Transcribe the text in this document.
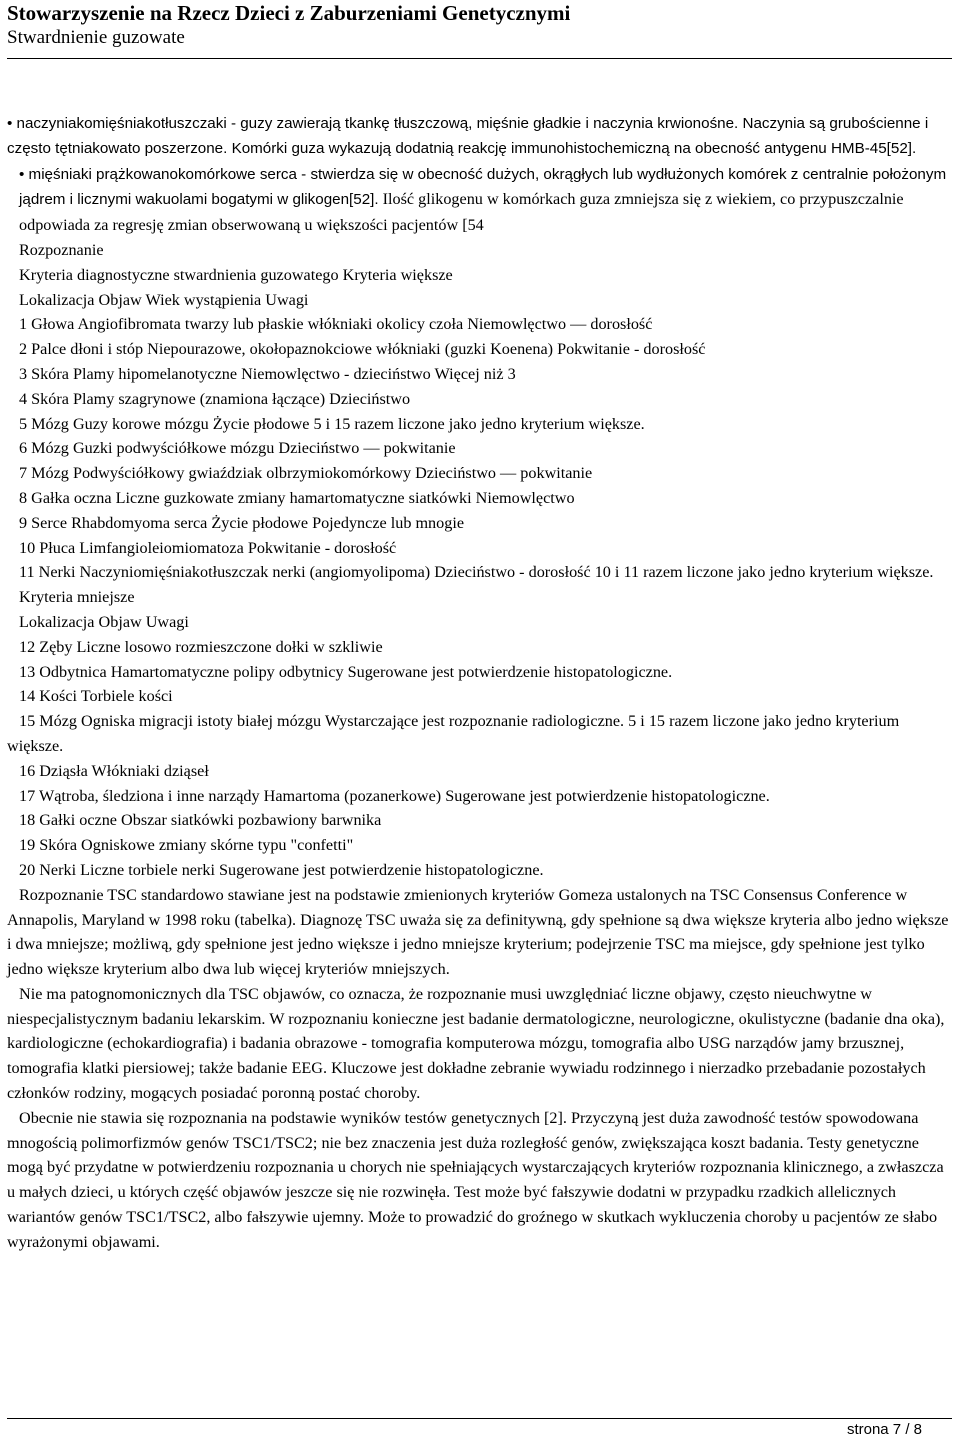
Stowarzyszenie na Rzecz Dzieci z Zaburzeniami Genetycznymi
Stwardnienie guzowate

• naczyniakomięśniakotłuszczaki - guzy zawierają tkankę tłuszczową, mięśnie gładkie i naczynia krwionośne. Naczynia są grubościenne i często tętniakowato poszerzone. Komórki guza wykazują dodatnią reakcję immunohistochemiczną na obecność antygenu HMB-45[52].

• mięśniaki prążkowanokomórkowe serca - stwierdza się w obecność dużych, okrągłych lub wydłużonych komórek z centralnie położonym jądrem i licznymi wakuolami bogatymi w glikogen[52]. Ilość glikogenu w komórkach guza zmniejsza się z wiekiem, co przypuszczalnie odpowiada za regresję zmian obserwowaną u większości pacjentów [54

Rozpoznanie

Kryteria diagnostyczne stwardnienia guzowatego Kryteria większe

Lokalizacja Objaw Wiek wystąpienia Uwagi

1 Głowa Angiofibromata twarzy lub płaskie włókniaki okolicy czoła Niemowlęctwo — dorosłość

2 Palce dłoni i stóp Niepourazowe, okołopaznokciowe włókniaki (guzki Koenena) Pokwitanie - dorosłość

3 Skóra Plamy hipomelanotyczne Niemowlęctwo - dzieciństwo Więcej niż 3

4 Skóra Plamy szagrynowe (znamiona łączące) Dzieciństwo

5 Mózg Guzy korowe mózgu Życie płodowe 5 i 15 razem liczone jako jedno kryterium większe.

6 Mózg Guzki podwyściółkowe mózgu Dzieciństwo — pokwitanie

7 Mózg Podwyściółkowy gwiaździak olbrzymiokomórkowy Dzieciństwo — pokwitanie

8 Gałka oczna Liczne guzkowate zmiany hamartomatyczne siatkówki Niemowlęctwo

9 Serce Rhabdomyoma serca Życie płodowe Pojedyncze lub mnogie

10 Płuca Limfangioleiomiomatoza Pokwitanie - dorosłość

11 Nerki Naczyniomięśniakotłuszczak nerki (angiomyolipoma) Dzieciństwo - dorosłość 10 i 11 razem liczone jako jedno kryterium większe.

Kryteria mniejsze

Lokalizacja Objaw Uwagi

12 Zęby Liczne losowo rozmieszczone dołki w szkliwie

13 Odbytnica Hamartomatyczne polipy odbytnicy Sugerowane jest potwierdzenie histopatologiczne.

14 Kości Torbiele kości

15 Mózg Ogniska migracji istoty białej mózgu Wystarczające jest rozpoznanie radiologiczne. 5 i 15 razem liczone jako jedno kryterium większe.

16 Dziąsła Włókniaki dziąseł

17 Wątroba, śledziona i inne narządy Hamartoma (pozanerkowe) Sugerowane jest potwierdzenie histopatologiczne.

18 Gałki oczne Obszar siatkówki pozbawiony barwnika

19 Skóra Ogniskowe zmiany skórne typu "confetti"

20 Nerki Liczne torbiele nerki Sugerowane jest potwierdzenie histopatologiczne.

Rozpoznanie TSC standardowo stawiane jest na podstawie zmienionych kryteriów Gomeza ustalonych na TSC Consensus Conference w Annapolis, Maryland w 1998 roku (tabelka). Diagnozę TSC uważa się za definitywną, gdy spełnione są dwa większe kryteria albo jedno większe i dwa mniejsze; możliwą, gdy spełnione jest jedno większe i jedno mniejsze kryterium; podejrzenie TSC ma miejsce, gdy spełnione jest tylko jedno większe kryterium albo dwa lub więcej kryteriów mniejszych.

Nie ma patognomonicznych dla TSC objawów, co oznacza, że rozpoznanie musi uwzględniać liczne objawy, często nieuchwytne w niespecjalistycznym badaniu lekarskim. W rozpoznaniu konieczne jest badanie dermatologiczne, neurologiczne, okulistyczne (badanie dna oka), kardiologiczne (echokardiografia) i badania obrazowe - tomografia komputerowa mózgu, tomografia albo USG narządów jamy brzusznej, tomografia klatki piersiowej; także badanie EEG. Kluczowe jest dokładne zebranie wywiadu rodzinnego i nierzadko przebadanie pozostałych członków rodziny, mogących posiadać poronną postać choroby.

Obecnie nie stawia się rozpoznania na podstawie wyników testów genetycznych [2]. Przyczyną jest duża zawodność testów spowodowana mnogością polimorfizmów genów TSC1/TSC2; nie bez znaczenia jest duża rozległość genów, zwiększająca koszt badania. Testy genetyczne mogą być przydatne w potwierdzeniu rozpoznania u chorych nie spełniających wystarczających kryteriów rozpoznania klinicznego, a zwłaszcza u małych dzieci, u których część objawów jeszcze się nie rozwinęła. Test może być fałszywie dodatni w przypadku rzadkich allelicznych wariantów genów TSC1/TSC2, albo fałszywie ujemny. Może to prowadzić do groźnego w skutkach wykluczenia choroby u pacjentów ze słabo wyrażonymi objawami.

strona 7 / 8
